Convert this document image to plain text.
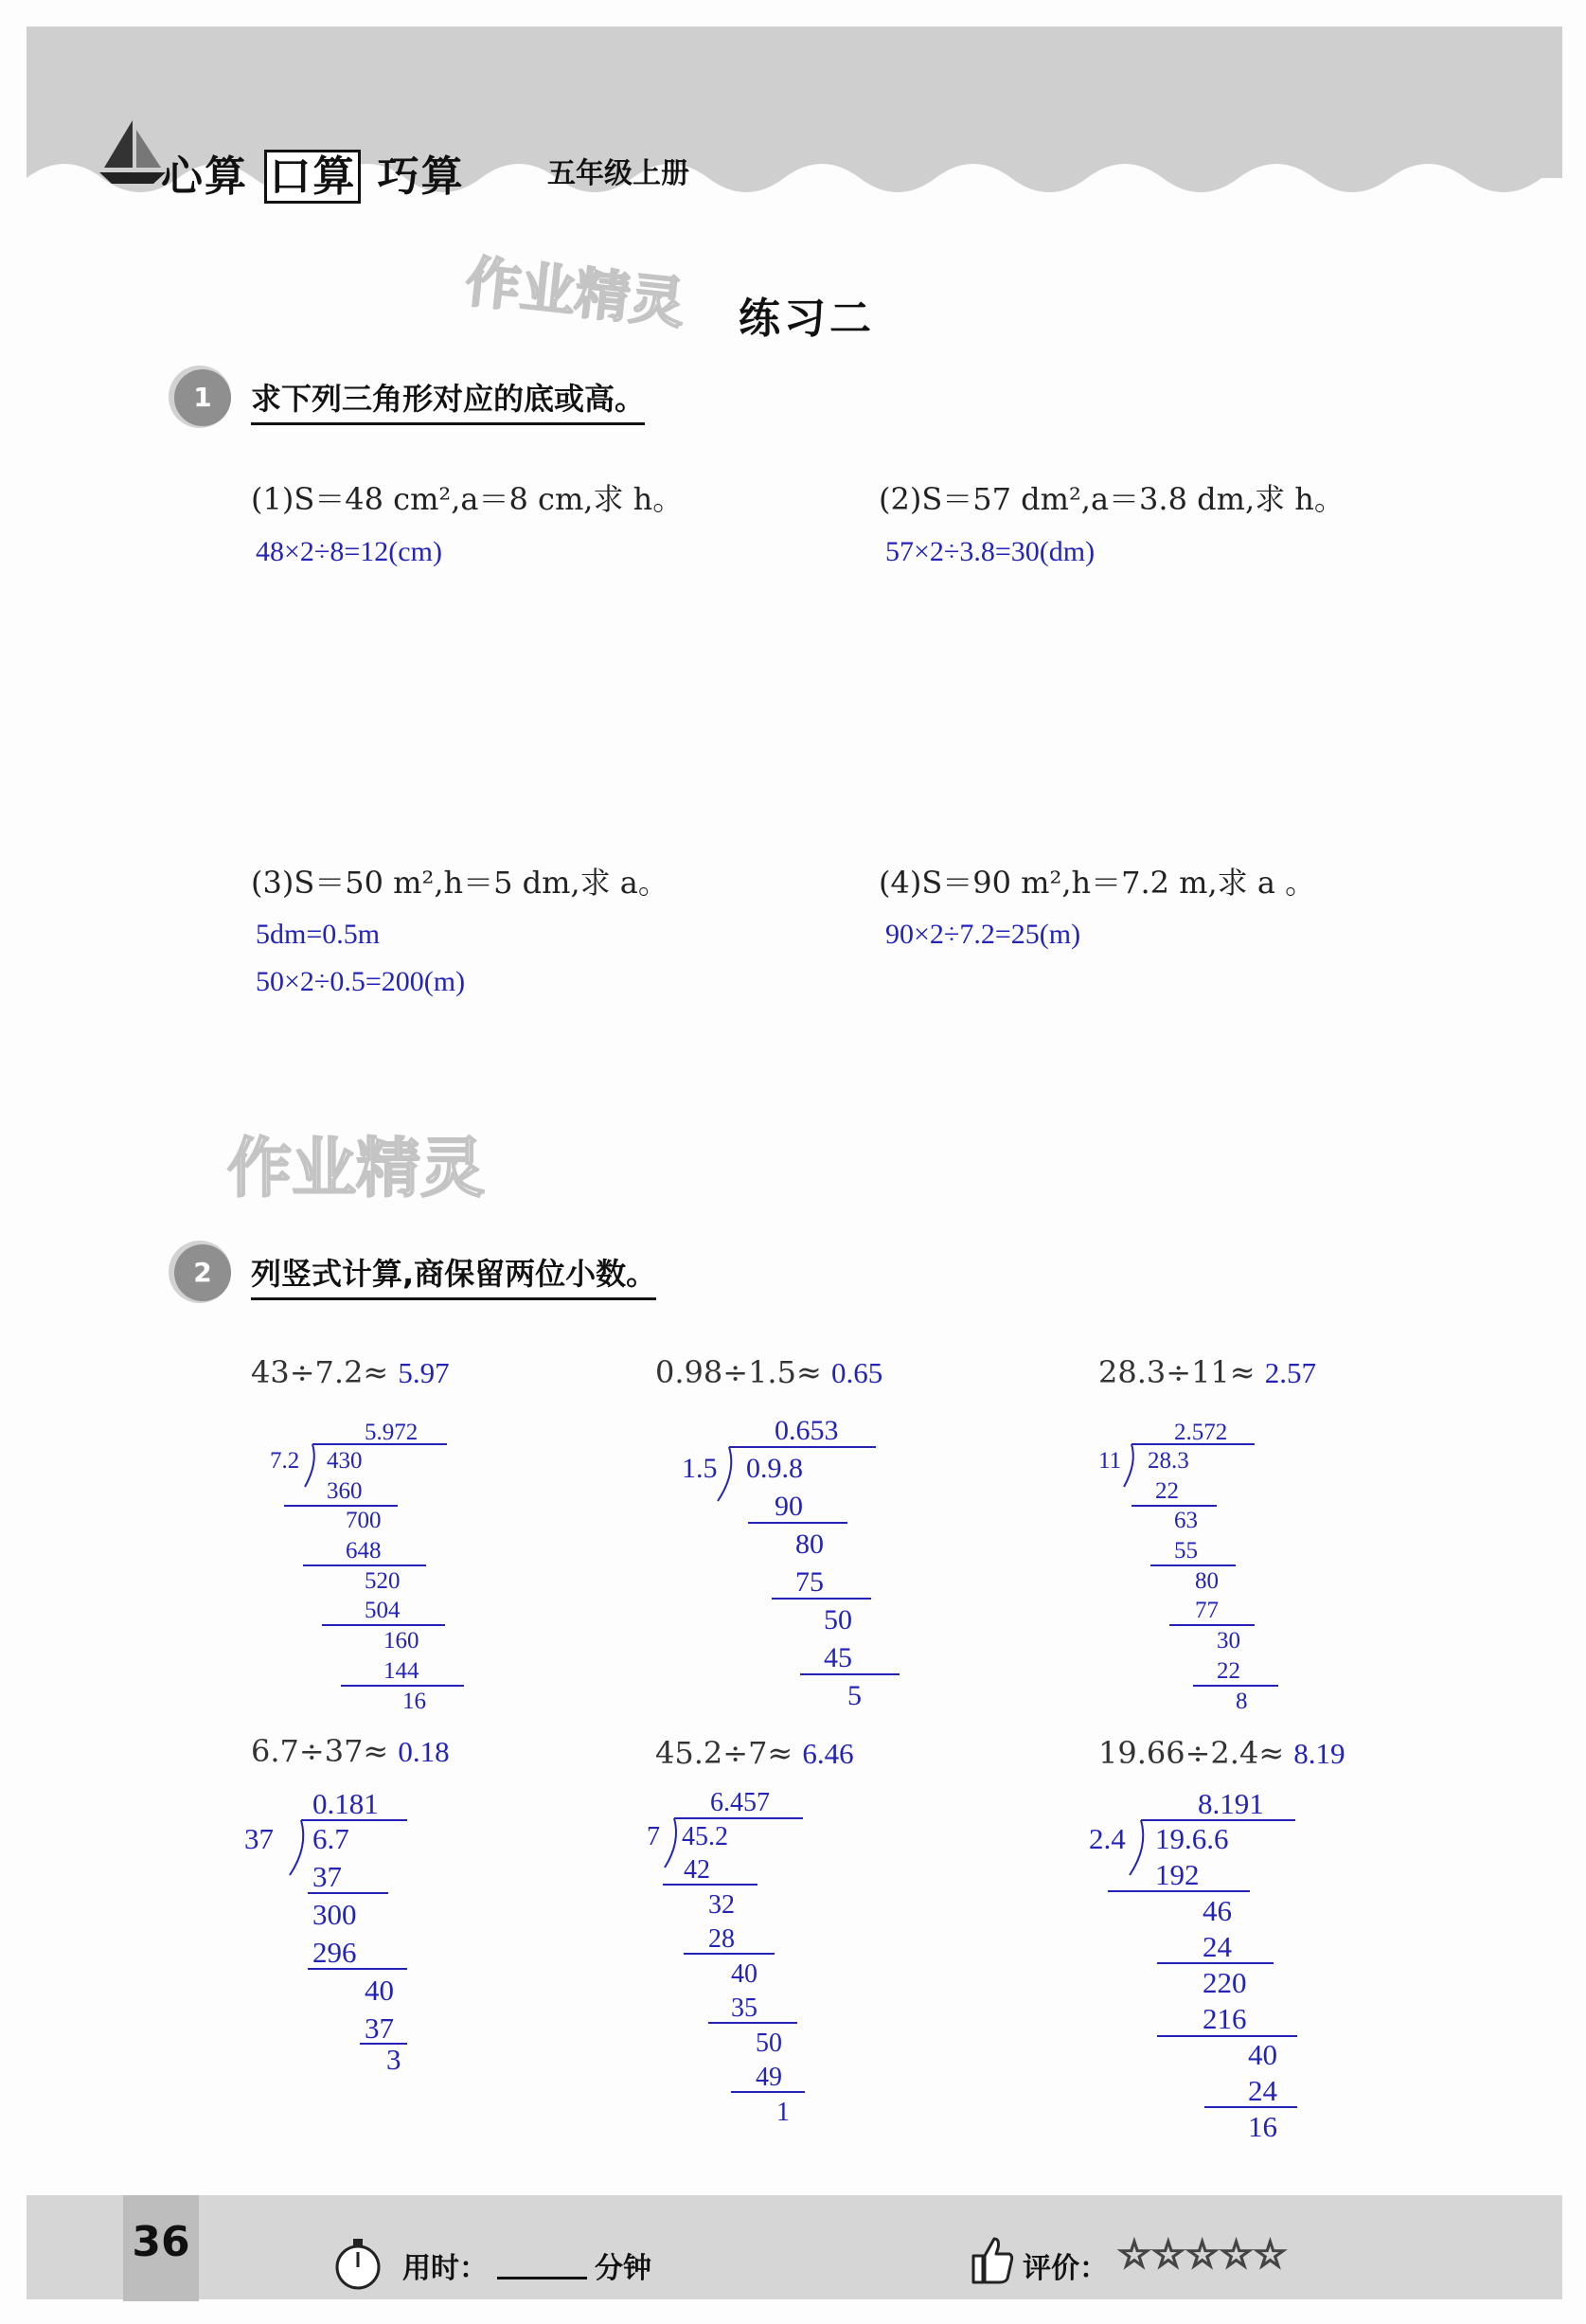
心算 口算 巧算	五年级上册
作业精灵 练习二
1	求下列三角形对应的底或高。
(1)S＝48 cm²,a＝8 cm,求 h。
48×2÷8=12(cm)
(2)S＝57 dm²,a＝3.8 dm,求 h。
57×2÷3.8=30(dm)
(3)S＝50 m²,h＝5 dm,求 a。
5dm=0.5m
50×2÷0.5=200(m)
(4)S＝90 m²,h＝7.2 m,求 a 。
90×2÷7.2=25(m)
作业精灵
2	列竖式计算,商保留两位小数。
43÷7.2≈ 5.97	0.98÷1.5≈ 0.65	28.3÷11≈ 2.57
6.7÷37≈ 0.18	45.2÷7≈ 6.46	19.66÷2.4≈ 8.19
5.972
7.2 430
360
700
648
520
504
160
144
16
0.653
1.5 0.9.8
90
80
75
50
45
5
2.572
11 28.3
22
63
55
80
77
30
22
8
0.181
37 6.7
37
300
296
40
37
3
6.457
7 45.2
42
32
28
40
35
50
49
1
8.191
2.4 19.6.6
192
46
24
220
216
40
24
16
36
用时：	分钟	评价： ☆☆☆☆☆
